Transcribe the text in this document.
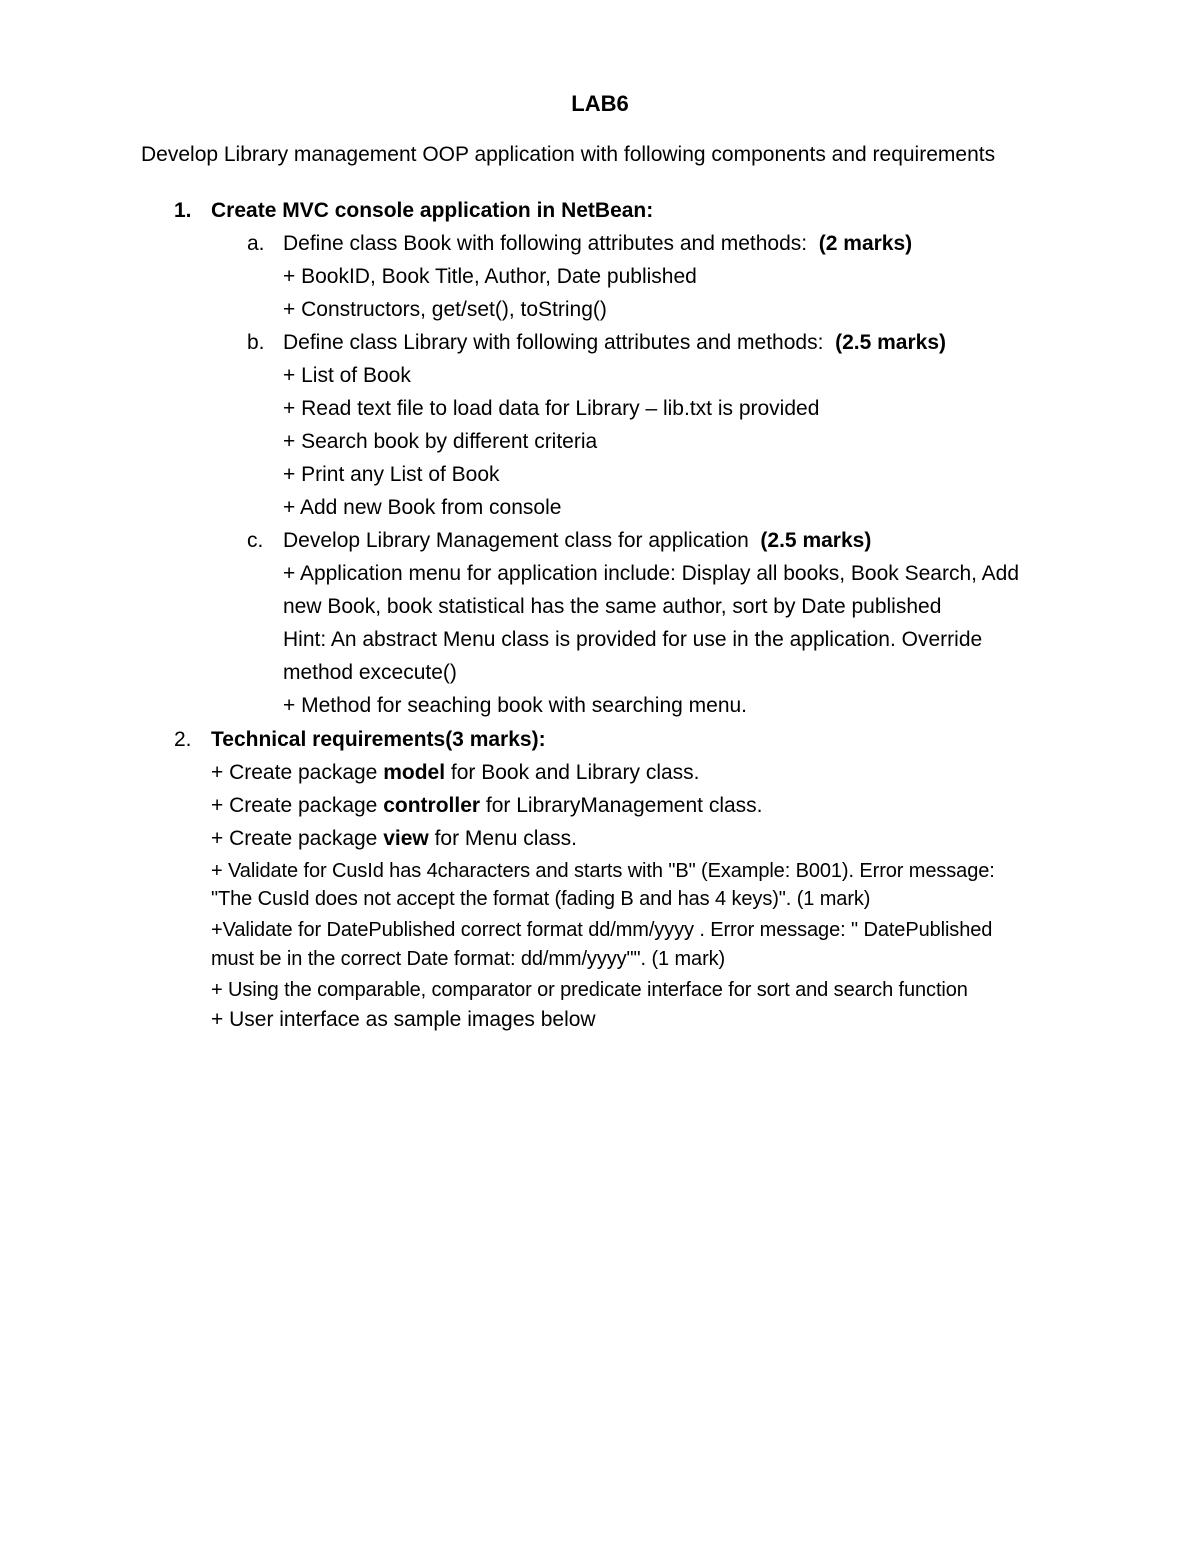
LAB6
Develop Library management OOP application with following components and requirements
1. Create MVC console application in NetBean:
a. Define class Book with following attributes and methods: (2 marks)
+ BookID, Book Title, Author, Date published
+ Constructors, get/set(), toString()
b. Define class Library with following attributes and methods: (2.5 marks)
+ List of Book
+ Read text file to load data for Library – lib.txt is provided
+ Search book by different criteria
+ Print any List of Book
+ Add new Book from console
c. Develop Library Management class for application (2.5 marks)
+ Application menu for application include: Display all books, Book Search, Add
new Book, book statistical has the same author, sort by Date published
Hint: An abstract Menu class is provided for use in the application. Override
method excecute()
+ Method for seaching book with searching menu.
2. Technical requirements(3 marks):
+ Create package model for Book and Library class.
+ Create package controller for LibraryManagement class.
+ Create package view for Menu class.
+ Validate for CusId has 4characters and starts with "B" (Example: B001). Error message:
"The CusId does not accept the format (fading B and has 4 keys)". (1 mark)
+Validate for DatePublished correct format dd/mm/yyyy . Error message: " DatePublished
must be in the correct Date format: dd/mm/yyyy"". (1 mark)
+ Using the comparable, comparator or predicate interface for sort and search function
+ User interface as sample images below
